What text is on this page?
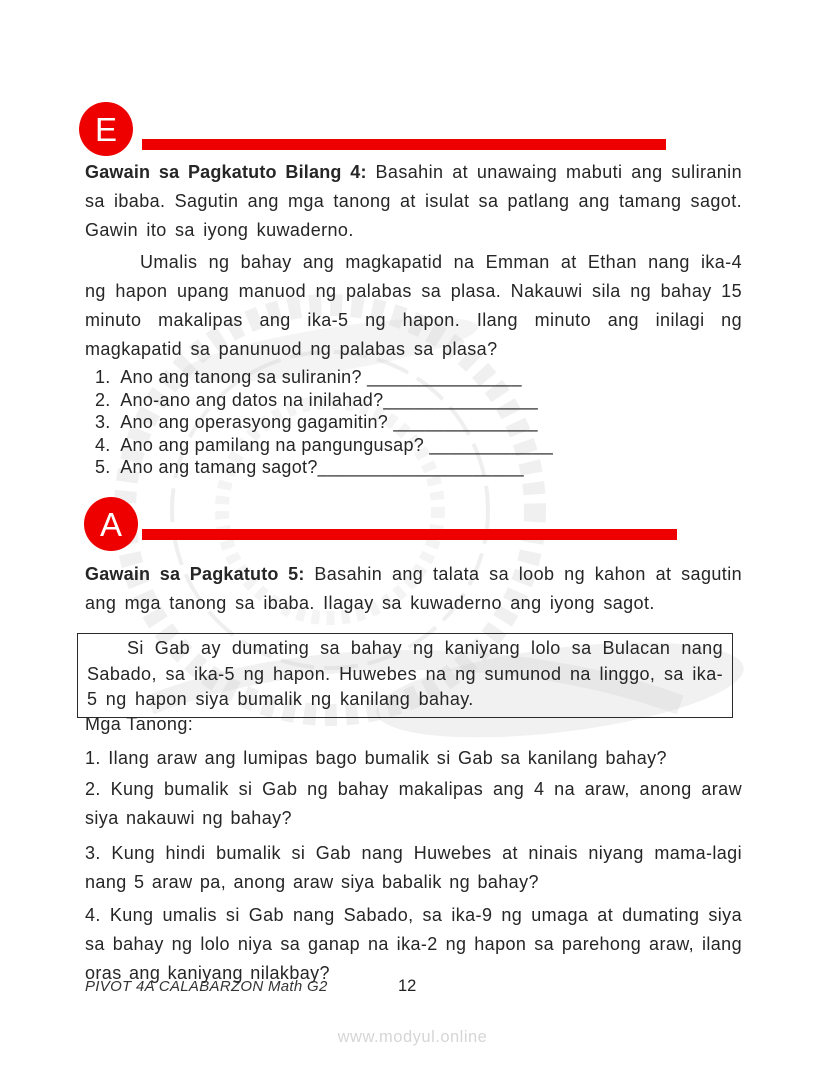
E

Gawain sa Pagkatuto Bilang 4: Basahin at unawaing mabuti ang suliranin sa ibaba. Sagutin ang mga tanong at isulat sa patlang ang tamang sagot. Gawin ito sa iyong kuwaderno.

Umalis ng bahay ang magkapatid na Emman at Ethan nang ika-4 ng hapon upang manuod ng palabas sa plasa. Nakauwi sila ng bahay 15 minuto makalipas ang ika-5 ng hapon. Ilang minuto ang inilagi ng magkapatid sa panunuod ng palabas sa plasa?

1.  Ano ang tanong sa suliranin? _______________
2.  Ano-ano ang datos na inilahad?_______________
3.  Ano ang operasyong gagamitin? ______________
4.  Ano ang pamilang na pangungusap? ____________
5.  Ano ang tamang sagot?____________________
A

Gawain sa Pagkatuto 5: Basahin ang talata sa loob ng kahon at sagutin ang mga tanong sa ibaba. Ilagay sa kuwaderno ang iyong sagot.

Si Gab ay dumating sa bahay ng kaniyang lolo sa Bulacan nang Sabado, sa ika-5 ng hapon. Huwebes na ng sumunod na linggo, sa ika-5 ng hapon siya bumalik ng kanilang bahay.

Mga Tanong:

1. Ilang araw ang lumipas bago bumalik si Gab sa kanilang bahay?

2. Kung bumalik si Gab ng bahay makalipas ang 4 na araw, anong araw siya nakauwi ng bahay?

3. Kung hindi bumalik si Gab nang Huwebes at ninais niyang mama-lagi nang 5 araw pa, anong araw siya babalik ng bahay?

4. Kung umalis si Gab nang Sabado, sa ika-9 ng umaga at dumating siya sa bahay ng lolo niya sa ganap na ika-2 ng hapon sa parehong araw, ilang oras ang kaniyang nilakbay?

PIVOT 4A CALABARZON Math G2	12
www.modyul.online
